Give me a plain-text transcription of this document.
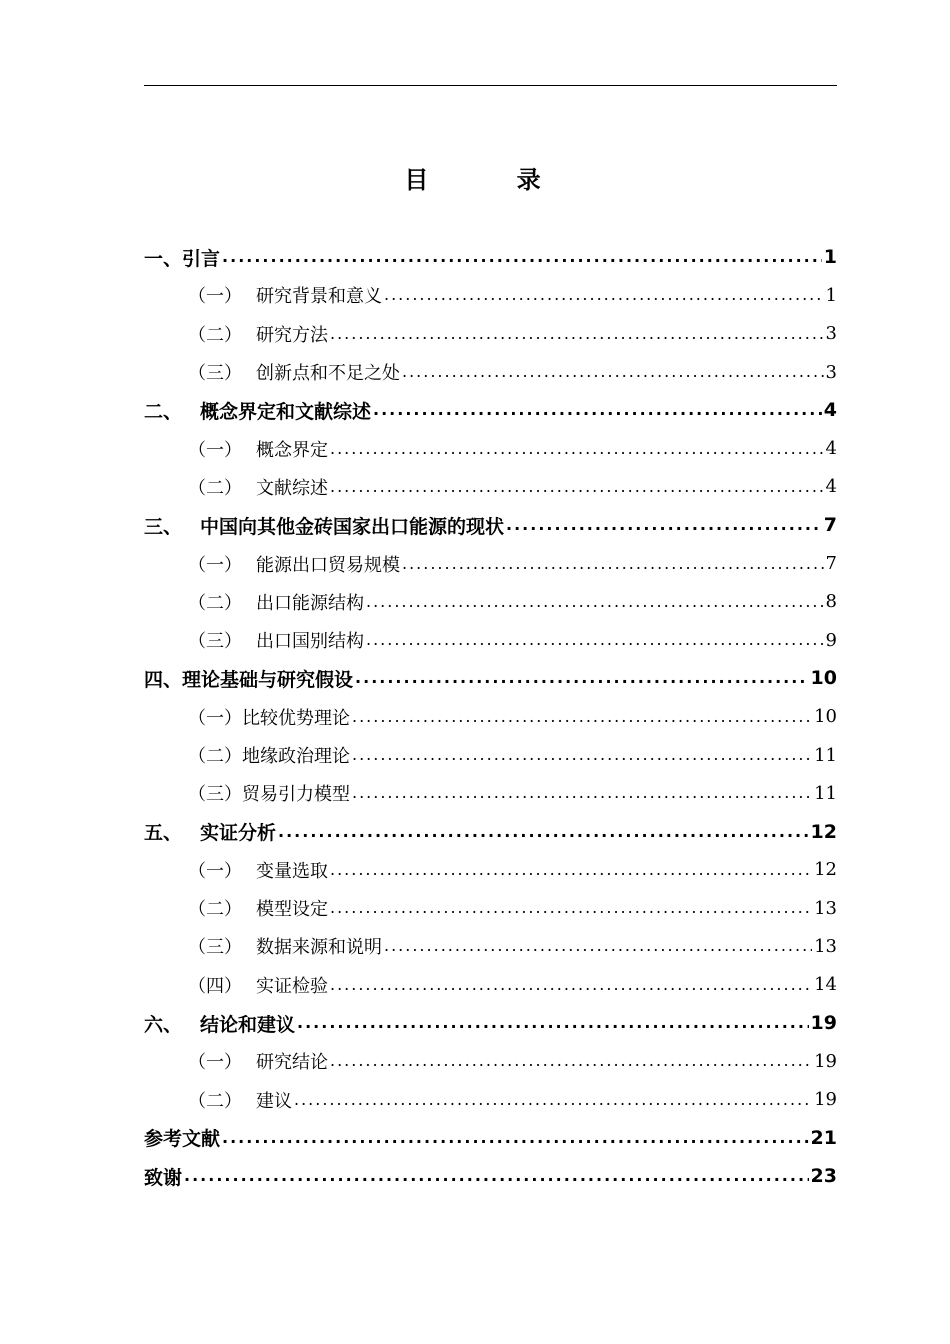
目 录
一、引言 .....	1
（一） 研究背景和意义 .....	1
（二） 研究方法 .....	3
（三） 创新点和不足之处 .....	3
二、 概念界定和文献综述 .....	4
（一） 概念界定 .....	4
（二） 文献综述 .....	4
三、 中国向其他金砖国家出口能源的现状 .....	7
（一） 能源出口贸易规模 .....	7
（二） 出口能源结构 .....	8
（三） 出口国别结构 .....	9
四、理论基础与研究假设 .....	10
（一）比较优势理论 .....	10
（二）地缘政治理论 .....	11
（三）贸易引力模型 .....	11
五、 实证分析 .....	12
（一） 变量选取 .....	12
（二） 模型设定 .....	13
（三） 数据来源和说明 .....	13
（四） 实证检验 .....	14
六、 结论和建议 .....	19
（一） 研究结论 .....	19
（二） 建议 .....	19
参考文献 .....	21
致谢 .....	23
